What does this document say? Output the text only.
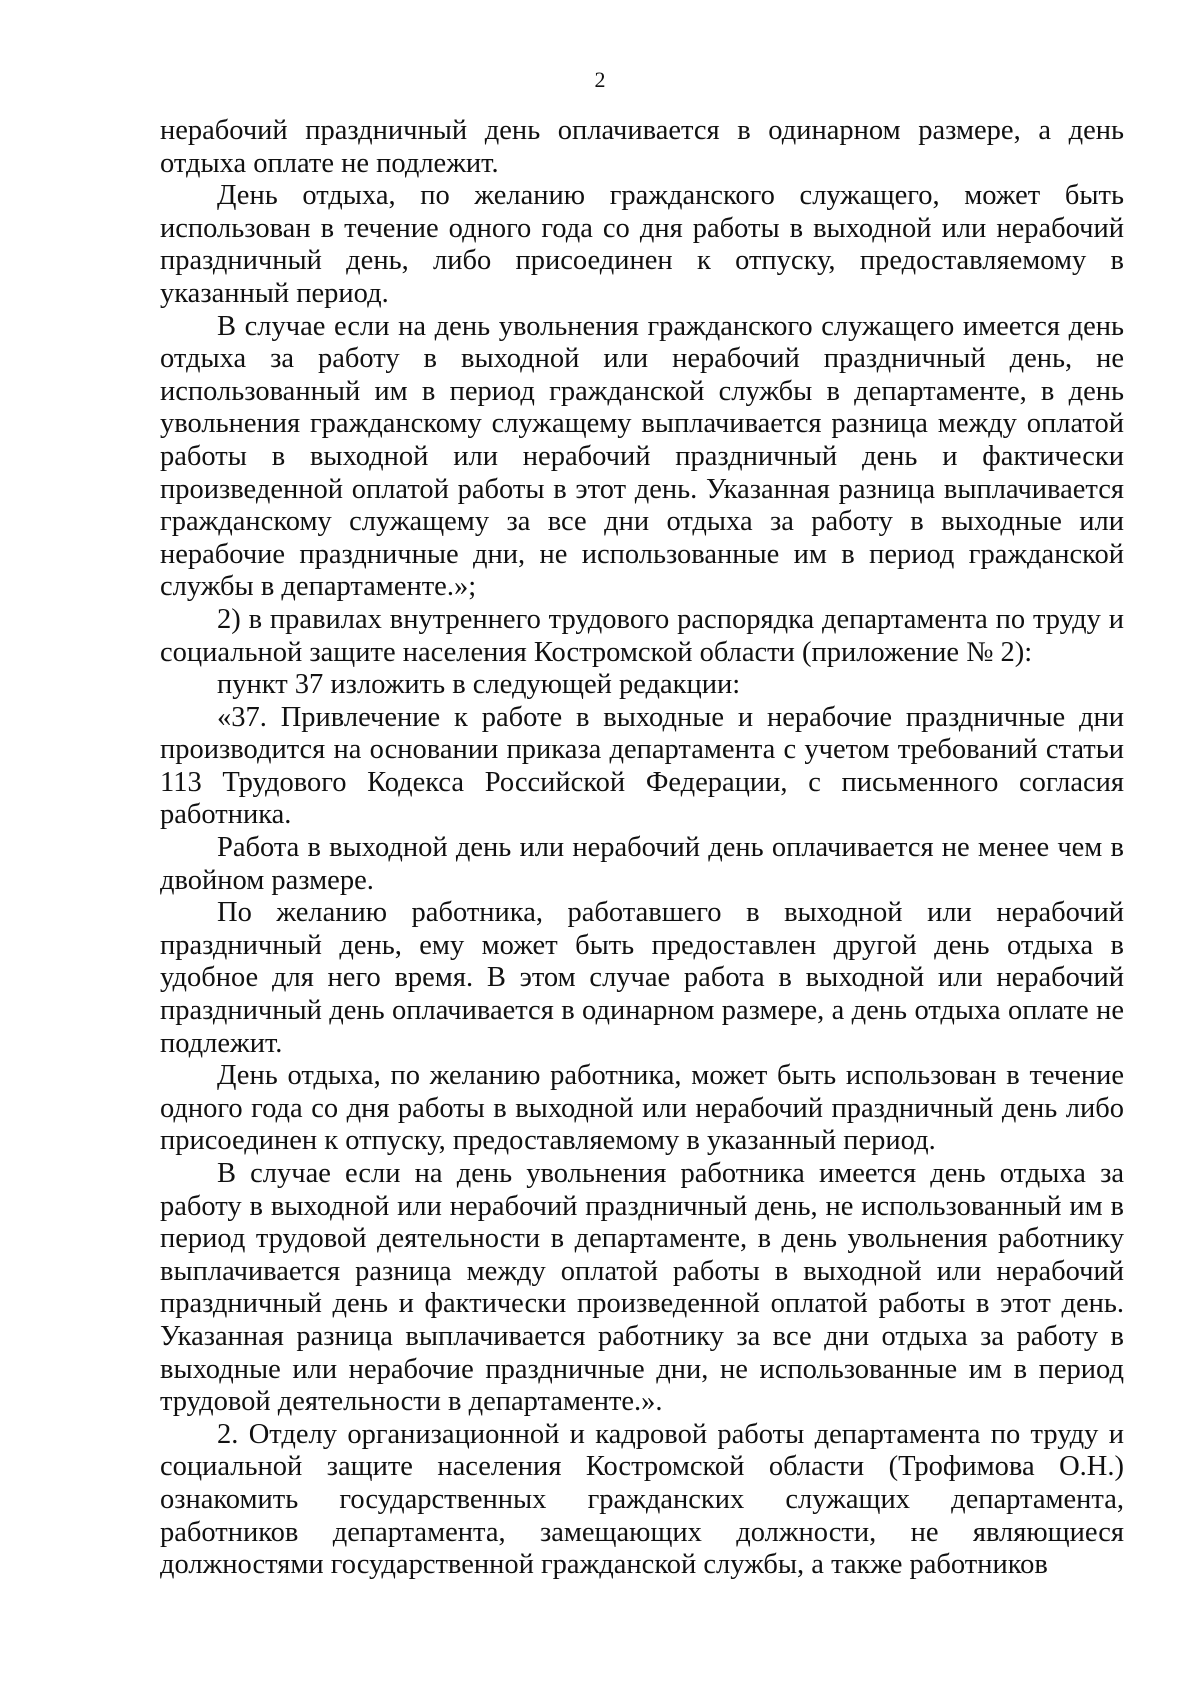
2

нерабочий праздничный день оплачивается в одинарном размере, а день отдыха оплате не подлежит.

День отдыха, по желанию гражданского служащего, может быть использован в течение одного года со дня работы в выходной или нерабочий праздничный день, либо присоединен к отпуску, предоставляемому в указанный период.

В случае если на день увольнения гражданского служащего имеется день отдыха за работу в выходной или нерабочий праздничный день, не использованный им в период гражданской службы в департаменте, в день увольнения гражданскому служащему выплачивается разница между оплатой работы в выходной или нерабочий праздничный день и фактически произведенной оплатой работы в этот день. Указанная разница выплачивается гражданскому служащему за все дни отдыха за работу в выходные или нерабочие праздничные дни, не использованные им в период гражданской службы в департаменте.»;

2) в правилах внутреннего трудового распорядка департамента по труду и социальной защите населения Костромской области (приложение № 2):

пункт 37 изложить в следующей редакции:

«37. Привлечение к работе в выходные и нерабочие праздничные дни производится на основании приказа департамента с учетом требований статьи 113 Трудового Кодекса Российской Федерации, с письменного согласия работника.

Работа в выходной день или нерабочий день оплачивается не менее чем в двойном размере.

По желанию работника, работавшего в выходной или нерабочий праздничный день, ему может быть предоставлен другой день отдыха в удобное для него время. В этом случае работа в выходной или нерабочий праздничный день оплачивается в одинарном размере, а день отдыха оплате не подлежит.

День отдыха, по желанию работника, может быть использован в течение одного года со дня работы в выходной или нерабочий праздничный день либо присоединен к отпуску, предоставляемому в указанный период.

В случае если на день увольнения работника имеется день отдыха за работу в выходной или нерабочий праздничный день, не использованный им в период трудовой деятельности в департаменте, в день увольнения работнику выплачивается разница между оплатой работы в выходной или нерабочий праздничный день и фактически произведенной оплатой работы в этот день. Указанная разница выплачивается работнику за все дни отдыха за работу в выходные или нерабочие праздничные дни, не использованные им в период трудовой деятельности в департаменте.».

2. Отделу организационной и кадровой работы департамента по труду и социальной защите населения Костромской области (Трофимова О.Н.) ознакомить государственных гражданских служащих департамента, работников департамента, замещающих должности, не являющиеся должностями государственной гражданской службы, а также работников
